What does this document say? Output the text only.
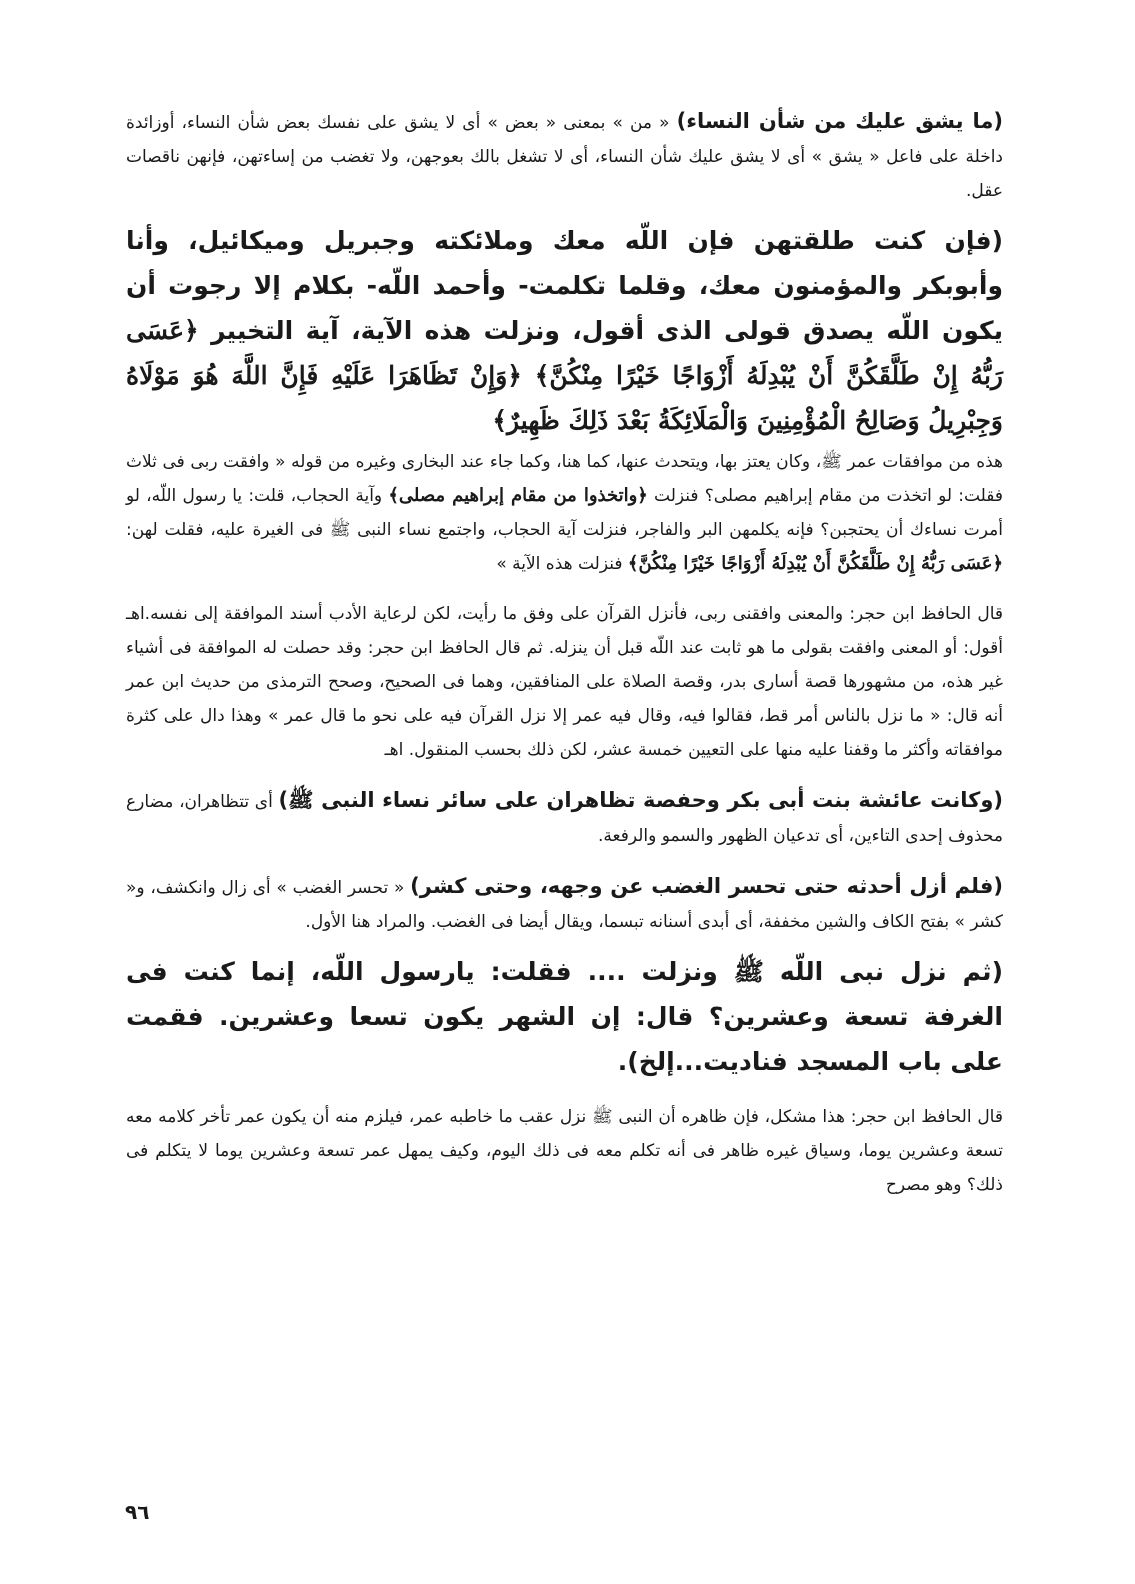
(ما يشق عليك من شأن النساء) « من » بمعنى « بعض » أى لا يشق على نفسك بعض شأن النساء، أوزائدة داخلة على فاعل « يشق » أى لا يشق عليك شأن النساء، أى لا تشغل بالك بعوجهن، ولا تغضب من إساءتهن، فإنهن ناقصات عقل.

(فإن كنت طلقتهن فإن اللّه معك وملائكته وجبريل وميكائيل، وأنا وأبوبكر والمؤمنون معك، وقلما تكلمت- وأحمد اللّه- بكلام إلا رجوت أن يكون اللّه يصدق قولى الذى أقول، ونزلت هذه الآية، آية التخيير ﴿عَسَى رَبُّهُ إِنْ طَلَّقَكُنَّ أَنْ يُبْدِلَهُ أَزْوَاجًا خَيْرًا مِنْكُنَّ﴾ ﴿وَإِنْ تَظَاهَرَا عَلَيْهِ فَإِنَّ اللَّهَ هُوَ مَوْلَاهُ وَجِبْرِيلُ وَصَالِحُ الْمُؤْمِنِينَ وَالْمَلَائِكَةُ بَعْدَ ذَلِكَ ظَهِيرٌ﴾

هذه من موافقات عمر ﷺ، وكان يعتز بها، ويتحدث عنها، كما هنا، وكما جاء عند البخارى وغيره من قوله « وافقت ربى فى ثلاث فقلت: لو اتخذت من مقام إبراهيم مصلى؟ فنزلت ﴿واتخذوا من مقام إبراهيم مصلى﴾ وآية الحجاب، قلت: يا رسول اللّه، لو أمرت نساءك أن يحتجبن؟ فإنه يكلمهن البر والفاجر، فنزلت آية الحجاب، واجتمع نساء النبى ﷺ فى الغيرة عليه، فقلت لهن: ﴿عَسَى رَبُّهُ إِنْ طَلَّقَكُنَّ أَنْ يُبْدِلَهُ أَزْوَاجًا خَيْرًا مِنْكُنَّ﴾ فنزلت هذه الآية »

قال الحافظ ابن حجر: والمعنى وافقنى ربى، فأنزل القرآن على وفق ما رأيت، لكن لرعاية الأدب أسند الموافقة إلى نفسه.اهـ أقول: أو المعنى وافقت بقولى ما هو ثابت عند اللّه قبل أن ينزله. ثم قال الحافظ ابن حجر: وقد حصلت له الموافقة فى أشياء غير هذه، من مشهورها قصة أسارى بدر، وقصة الصلاة على المنافقين، وهما فى الصحيح، وصحح الترمذى من حديث ابن عمر أنه قال: « ما نزل بالناس أمر قط، فقالوا فيه، وقال فيه عمر إلا نزل القرآن فيه على نحو ما قال عمر » وهذا دال على كثرة موافقاته وأكثر ما وقفنا عليه منها على التعيين خمسة عشر، لكن ذلك بحسب المنقول. اهـ

(وكانت عائشة بنت أبى بكر وحفصة تظاهران على سائر نساء النبى ﷺ) أى تتظاهران، مضارع محذوف إحدى التاءين، أى تدعيان الظهور والسمو والرفعة.

(فلم أزل أحدثه حتى تحسر الغضب عن وجهه، وحتى كشر) « تحسر الغضب » أى زال وانكشف، و« كشر » بفتح الكاف والشين مخففة، أى أبدى أسنانه تبسما، ويقال أيضا فى الغضب. والمراد هنا الأول.

(ثم نزل نبى اللّه ﷺ ونزلت .... فقلت: يارسول اللّه، إنما كنت فى الغرفة تسعة وعشرين؟ قال: إن الشهر يكون تسعا وعشرين. فقمت على باب المسجد فناديت...إلخ).

قال الحافظ ابن حجر: هذا مشكل، فإن ظاهره أن النبى ﷺ نزل عقب ما خاطبه عمر، فيلزم منه أن يكون عمر تأخر كلامه معه تسعة وعشرين يوما، وسياق غيره ظاهر فى أنه تكلم معه فى ذلك اليوم، وكيف يمهل عمر تسعة وعشرين يوما لا يتكلم فى ذلك؟ وهو مصرح

٩٦
